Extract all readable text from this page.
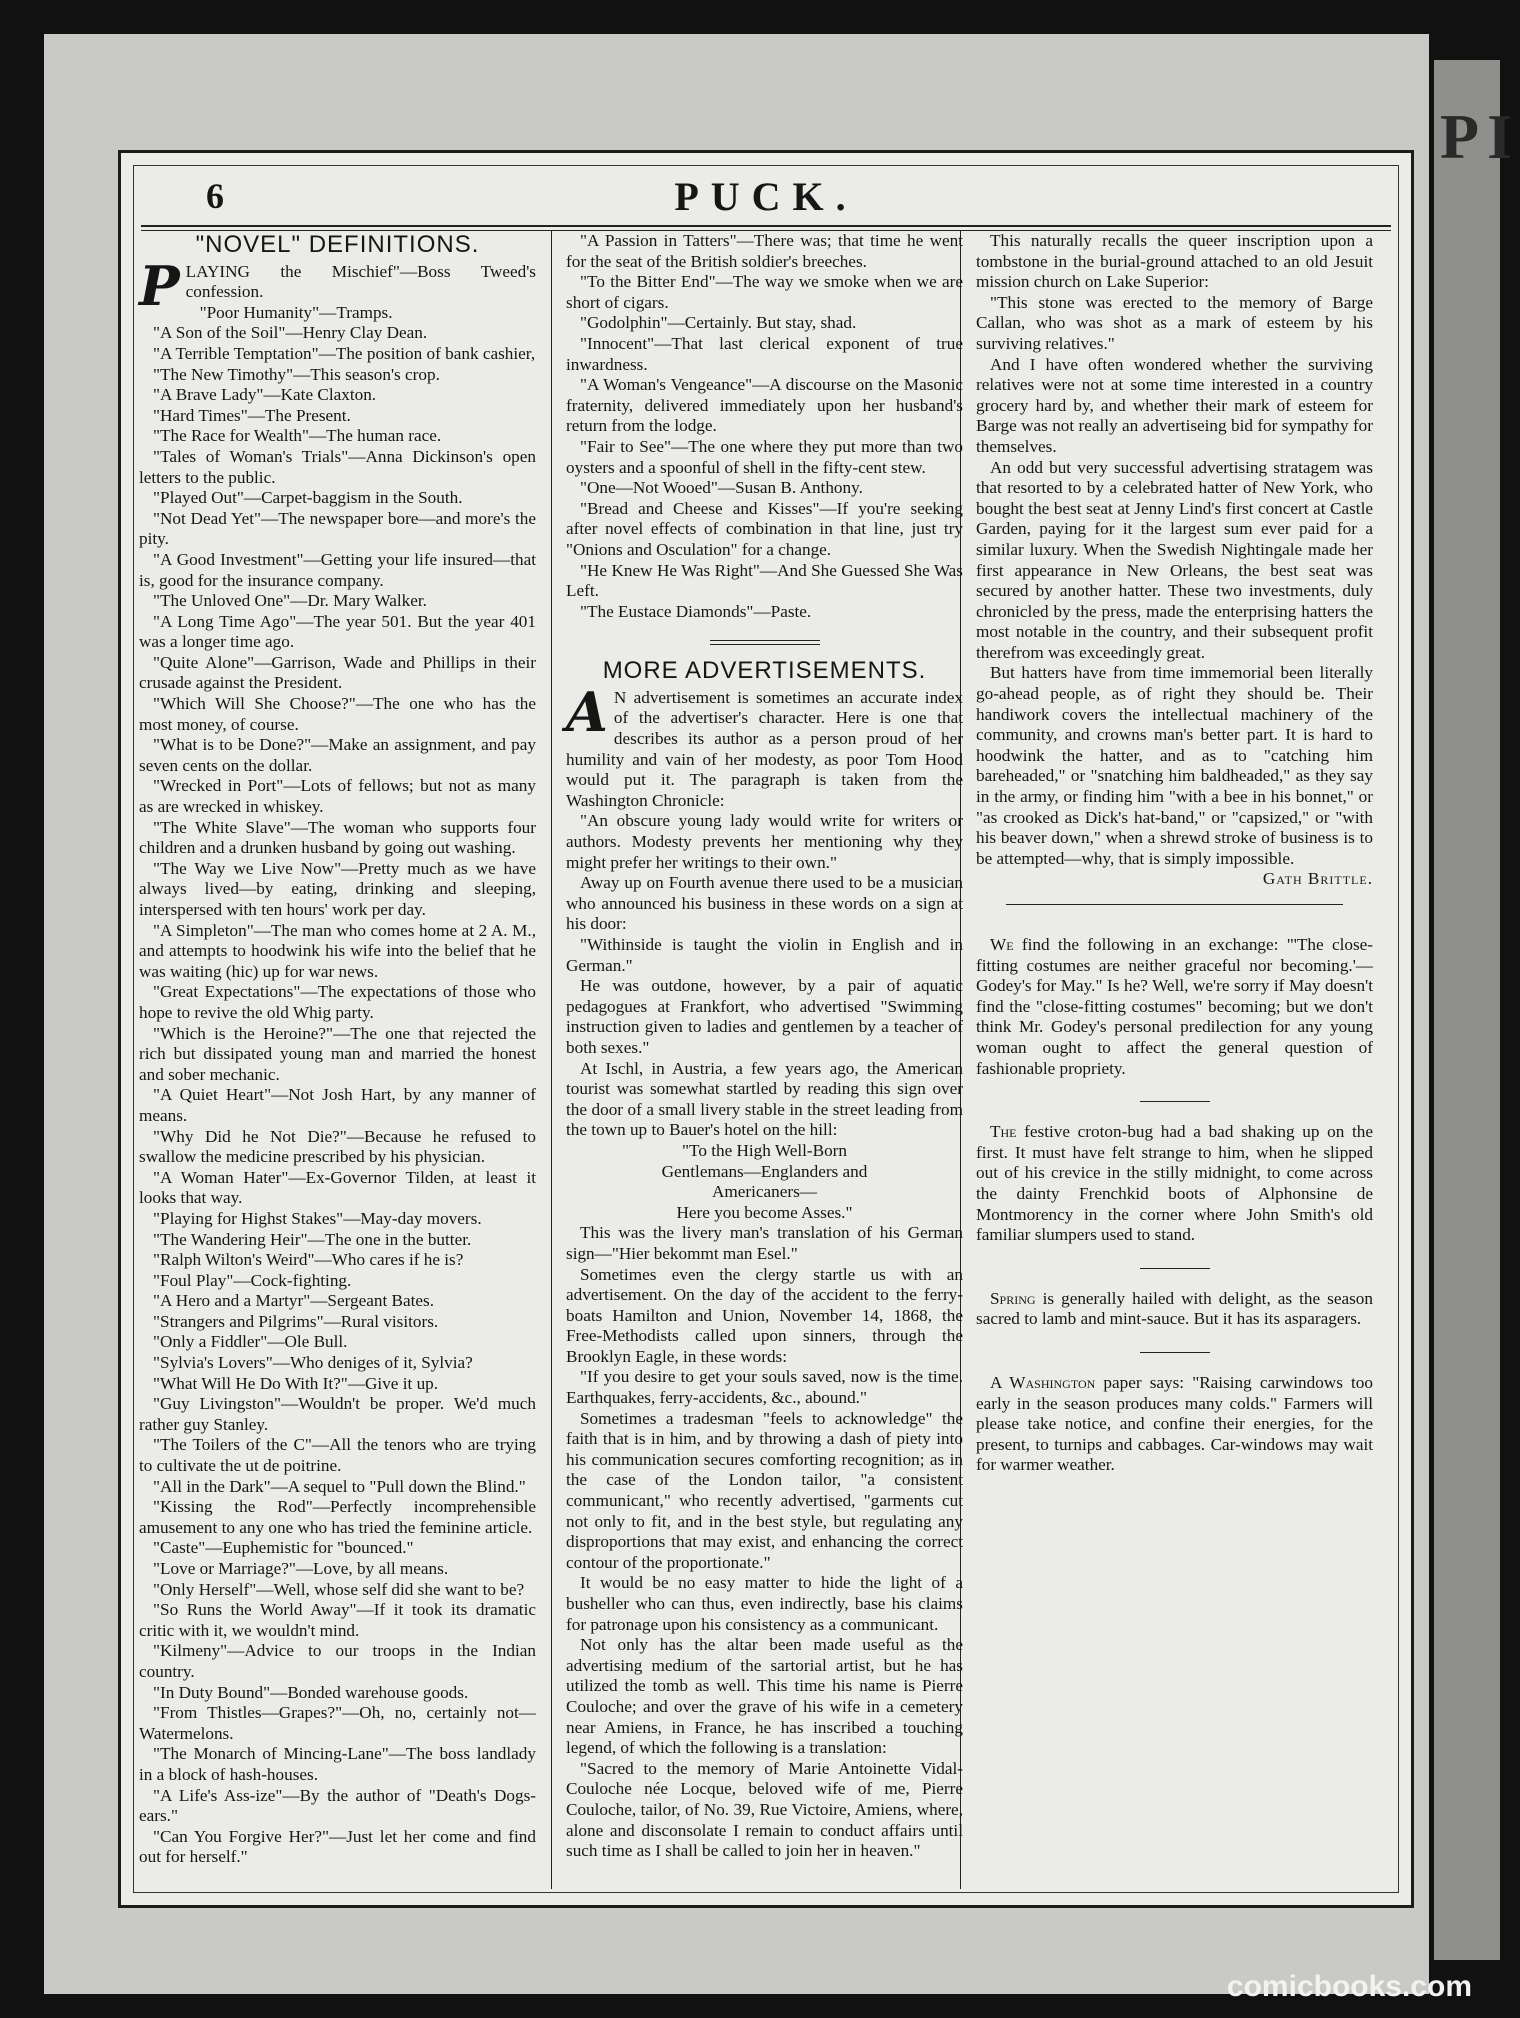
PI
6	PUCK.
"NOVEL" DEFINITIONS.

PLAYING the Mischief"—Boss Tweed's confession.

"Poor Humanity"—Tramps.

"A Son of the Soil"—Henry Clay Dean.

"A Terrible Temptation"—The position of bank cashier,

"The New Timothy"—This season's crop.

"A Brave Lady"—Kate Claxton.

"Hard Times"—The Present.

"The Race for Wealth"—The human race.

"Tales of Woman's Trials"—Anna Dickinson's open letters to the public.

"Played Out"—Carpet-baggism in the South.

"Not Dead Yet"—The newspaper bore—and more's the pity.

"A Good Investment"—Getting your life insured—that is, good for the insurance company.

"The Unloved One"—Dr. Mary Walker.

"A Long Time Ago"—The year 501. But the year 401 was a longer time ago.

"Quite Alone"—Garrison, Wade and Phillips in their crusade against the President.

"Which Will She Choose?"—The one who has the most money, of course.

"What is to be Done?"—Make an assignment, and pay seven cents on the dollar.

"Wrecked in Port"—Lots of fellows; but not as many as are wrecked in whiskey.

"The White Slave"—The woman who supports four children and a drunken husband by going out washing.

"The Way we Live Now"—Pretty much as we have always lived—by eating, drinking and sleeping, interspersed with ten hours' work per day.

"A Simpleton"—The man who comes home at 2 A. M., and attempts to hoodwink his wife into the belief that he was waiting (hic) up for war news.

"Great Expectations"—The expectations of those who hope to revive the old Whig party.

"Which is the Heroine?"—The one that rejected the rich but dissipated young man and married the honest and sober mechanic.

"A Quiet Heart"—Not Josh Hart, by any manner of means.

"Why Did he Not Die?"—Because he refused to swallow the medicine prescribed by his physician.

"A Woman Hater"—Ex-Governor Tilden, at least it looks that way.

"Playing for Highst Stakes"—May-day movers.

"The Wandering Heir"—The one in the butter.

"Ralph Wilton's Weird"—Who cares if he is?

"Foul Play"—Cock-fighting.

"A Hero and a Martyr"—Sergeant Bates.

"Strangers and Pilgrims"—Rural visitors.

"Only a Fiddler"—Ole Bull.

"Sylvia's Lovers"—Who deniges of it, Sylvia?

"What Will He Do With It?"—Give it up.

"Guy Livingston"—Wouldn't be proper. We'd much rather guy Stanley.

"The Toilers of the C"—All the tenors who are trying to cultivate the ut de poitrine.

"All in the Dark"—A sequel to "Pull down the Blind."

"Kissing the Rod"—Perfectly incomprehensible amusement to any one who has tried the feminine article.

"Caste"—Euphemistic for "bounced."

"Love or Marriage?"—Love, by all means.

"Only Herself"—Well, whose self did she want to be?

"So Runs the World Away"—If it took its dramatic critic with it, we wouldn't mind.

"Kilmeny"—Advice to our troops in the Indian country.

"In Duty Bound"—Bonded warehouse goods.

"From Thistles—Grapes?"—Oh, no, certainly not—Watermelons.

"The Monarch of Mincing-Lane"—The boss landlady in a block of hash-houses.

"A Life's Ass-ize"—By the author of "Death's Dogs-ears."

"Can You Forgive Her?"—Just let her come and find out for herself."

"A Passion in Tatters"—There was; that time he went for the seat of the British soldier's breeches.

"To the Bitter End"—The way we smoke when we are short of cigars.

"Godolphin"—Certainly. But stay, shad.

"Innocent"—That last clerical exponent of true inwardness.

"A Woman's Vengeance"—A discourse on the Masonic fraternity, delivered immediately upon her husband's return from the lodge.

"Fair to See"—The one where they put more than two oysters and a spoonful of shell in the fifty-cent stew.

"One—Not Wooed"—Susan B. Anthony.

"Bread and Cheese and Kisses"—If you're seeking after novel effects of combination in that line, just try "Onions and Osculation" for a change.

"He Knew He Was Right"—And She Guessed She Was Left.

"The Eustace Diamonds"—Paste.

MORE ADVERTISEMENTS.

A N advertisement is sometimes an accurate index of the advertiser's character. Here is one that describes its author as a person proud of her humility and vain of her modesty, as poor Tom Hood would put it. The paragraph is taken from the Washington Chronicle:

"An obscure young lady would write for writers or authors. Modesty prevents her mentioning why they might prefer her writings to their own."

Away up on Fourth avenue there used to be a musician who announced his business in these words on a sign at his door:

"Withinside is taught the violin in English and in German."

He was outdone, however, by a pair of aquatic pedagogues at Frankfort, who advertised "Swimming instruction given to ladies and gentlemen by a teacher of both sexes."

At Ischl, in Austria, a few years ago, the American tourist was somewhat startled by reading this sign over the door of a small livery stable in the street leading from the town up to Bauer's hotel on the hill:

"To the High Well-Born

Gentlemans—Englanders and

Americaners—

Here you become Asses."

This was the livery man's translation of his German sign—"Hier bekommt man Esel."

Sometimes even the clergy startle us with an advertisement. On the day of the accident to the ferry-boats Hamilton and Union, November 14, 1868, the Free-Methodists called upon sinners, through the Brooklyn Eagle, in these words:

"If you desire to get your souls saved, now is the time. Earthquakes, ferry-accidents, &c., abound."

Sometimes a tradesman "feels to acknowledge" the faith that is in him, and by throwing a dash of piety into his communication secures comforting recognition; as in the case of the London tailor, "a consistent communicant," who recently advertised, "garments cut not only to fit, and in the best style, but regulating any disproportions that may exist, and enhancing the correct contour of the proportionate."

It would be no easy matter to hide the light of a busheller who can thus, even indirectly, base his claims for patronage upon his consistency as a communicant.

Not only has the altar been made useful as the advertising medium of the sartorial artist, but he has utilized the tomb as well. This time his name is Pierre Couloche; and over the grave of his wife in a cemetery near Amiens, in France, he has inscribed a touching legend, of which the following is a translation:

"Sacred to the memory of Marie Antoinette Vidal-Couloche née Locque, beloved wife of me, Pierre Couloche, tailor, of No. 39, Rue Victoire, Amiens, where, alone and disconsolate I remain to conduct affairs until such time as I shall be called to join her in heaven."

This naturally recalls the queer inscription upon a tombstone in the burial-ground attached to an old Jesuit mission church on Lake Superior:

"This stone was erected to the memory of Barge Callan, who was shot as a mark of esteem by his surviving relatives."

And I have often wondered whether the surviving relatives were not at some time interested in a country grocery hard by, and whether their mark of esteem for Barge was not really an advertiseing bid for sympathy for themselves.

An odd but very successful advertising stratagem was that resorted to by a celebrated hatter of New York, who bought the best seat at Jenny Lind's first concert at Castle Garden, paying for it the largest sum ever paid for a similar luxury. When the Swedish Nightingale made her first appearance in New Orleans, the best seat was secured by another hatter. These two investments, duly chronicled by the press, made the enterprising hatters the most notable in the country, and their subsequent profit therefrom was exceedingly great.

But hatters have from time immemorial been literally go-ahead people, as of right they should be. Their handiwork covers the intellectual machinery of the community, and crowns man's better part. It is hard to hoodwink the hatter, and as to "catching him bareheaded," or "snatching him baldheaded," as they say in the army, or finding him "with a bee in his bonnet," or "as crooked as Dick's hat-band," or "capsized," or "with his beaver down," when a shrewd stroke of business is to be attempted—why, that is simply impossible.

Gath Brittle.

We find the following in an exchange: "'The close-fitting costumes are neither graceful nor becoming.'—Godey's for May." Is he? Well, we're sorry if May doesn't find the "close-fitting costumes" becoming; but we don't think Mr. Godey's personal predilection for any young woman ought to affect the general question of fashionable propriety.

The festive croton-bug had a bad shaking up on the first. It must have felt strange to him, when he slipped out of his crevice in the stilly midnight, to come across the dainty Frenchkid boots of Alphonsine de Montmorency in the corner where John Smith's old familiar slumpers used to stand.

Spring is generally hailed with delight, as the season sacred to lamb and mint-sauce. But it has its asparagers.

A Washington paper says: "Raising carwindows too early in the season produces many colds." Farmers will please take notice, and confine their energies, for the present, to turnips and cabbages. Car-windows may wait for warmer weather.

comicbooks.com
